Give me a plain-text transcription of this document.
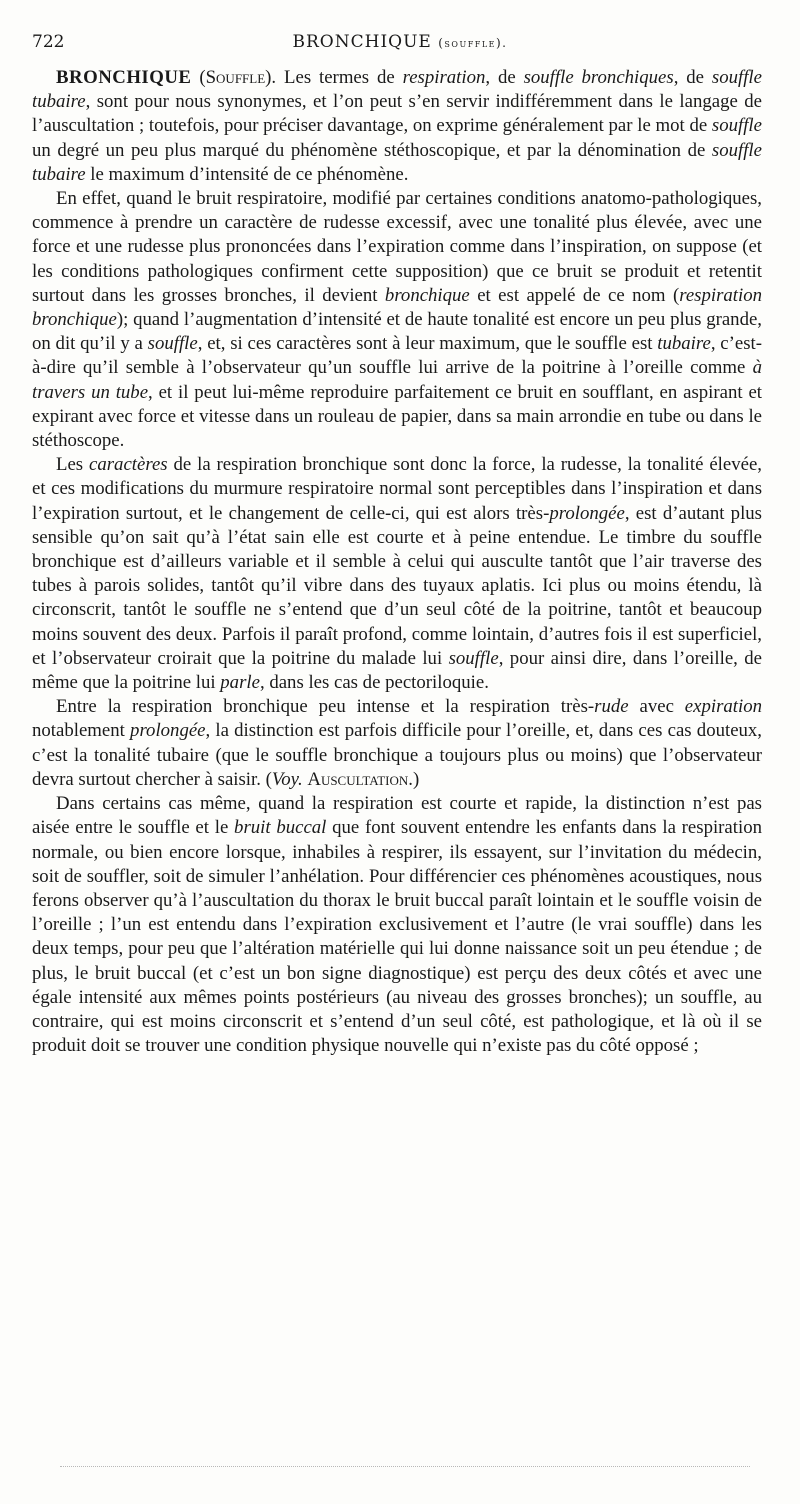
722	BRONCHIQUE (souffle).

BRONCHIQUE (Souffle). Les termes de respiration, de souffle bronchiques, de souffle tubaire, sont pour nous synonymes, et l’on peut s’en servir indifféremment dans le langage de l’auscultation ; toutefois, pour préciser davantage, on exprime généralement par le mot de souffle un degré un peu plus marqué du phénomène stéthoscopique, et par la dénomination de souffle tubaire le maximum d’intensité de ce phénomène.

En effet, quand le bruit respiratoire, modifié par certaines conditions anatomo-pathologiques, commence à prendre un caractère de rudesse excessif, avec une tonalité plus élevée, avec une force et une rudesse plus prononcées dans l’expiration comme dans l’inspiration, on suppose (et les conditions pathologiques confirment cette supposition) que ce bruit se produit et retentit surtout dans les grosses bronches, il devient bronchique et est appelé de ce nom (respiration bronchique); quand l’augmentation d’intensité et de haute tonalité est encore un peu plus grande, on dit qu’il y a souffle, et, si ces caractères sont à leur maximum, que le souffle est tubaire, c’est-à-dire qu’il semble à l’observateur qu’un souffle lui arrive de la poitrine à l’oreille comme à travers un tube, et il peut lui-même reproduire parfaitement ce bruit en soufflant, en aspirant et expirant avec force et vitesse dans un rouleau de papier, dans sa main arrondie en tube ou dans le stéthoscope.

Les caractères de la respiration bronchique sont donc la force, la rudesse, la tonalité élevée, et ces modifications du murmure respiratoire normal sont perceptibles dans l’inspiration et dans l’expiration surtout, et le changement de celle-ci, qui est alors très-prolongée, est d’autant plus sensible qu’on sait qu’à l’état sain elle est courte et à peine entendue. Le timbre du souffle bronchique est d’ailleurs variable et il semble à celui qui ausculte tantôt que l’air traverse des tubes à parois solides, tantôt qu’il vibre dans des tuyaux aplatis. Ici plus ou moins étendu, là circonscrit, tantôt le souffle ne s’entend que d’un seul côté de la poitrine, tantôt et beaucoup moins souvent des deux. Parfois il paraît profond, comme lointain, d’autres fois il est superficiel, et l’observateur croirait que la poitrine du malade lui souffle, pour ainsi dire, dans l’oreille, de même que la poitrine lui parle, dans les cas de pectoriloquie.

Entre la respiration bronchique peu intense et la respiration très-rude avec expiration notablement prolongée, la distinction est parfois difficile pour l’oreille, et, dans ces cas douteux, c’est la tonalité tubaire (que le souffle bronchique a toujours plus ou moins) que l’observateur devra surtout chercher à saisir. (Voy. Auscultation.)

Dans certains cas même, quand la respiration est courte et rapide, la distinction n’est pas aisée entre le souffle et le bruit buccal que font souvent entendre les enfants dans la respiration normale, ou bien encore lorsque, inhabiles à respirer, ils essayent, sur l’invitation du médecin, soit de souffler, soit de simuler l’anhélation. Pour différencier ces phénomènes acoustiques, nous ferons observer qu’à l’auscultation du thorax le bruit buccal paraît lointain et le souffle voisin de l’oreille ; l’un est entendu dans l’expiration exclusivement et l’autre (le vrai souffle) dans les deux temps, pour peu que l’altération matérielle qui lui donne naissance soit un peu étendue ; de plus, le bruit buccal (et c’est un bon signe diagnostique) est perçu des deux côtés et avec une égale intensité aux mêmes points postérieurs (au niveau des grosses bronches); un souffle, au contraire, qui est moins circonscrit et s’entend d’un seul côté, est pathologique, et là où il se produit doit se trouver une condition physique nouvelle qui n’existe pas du côté opposé ;
